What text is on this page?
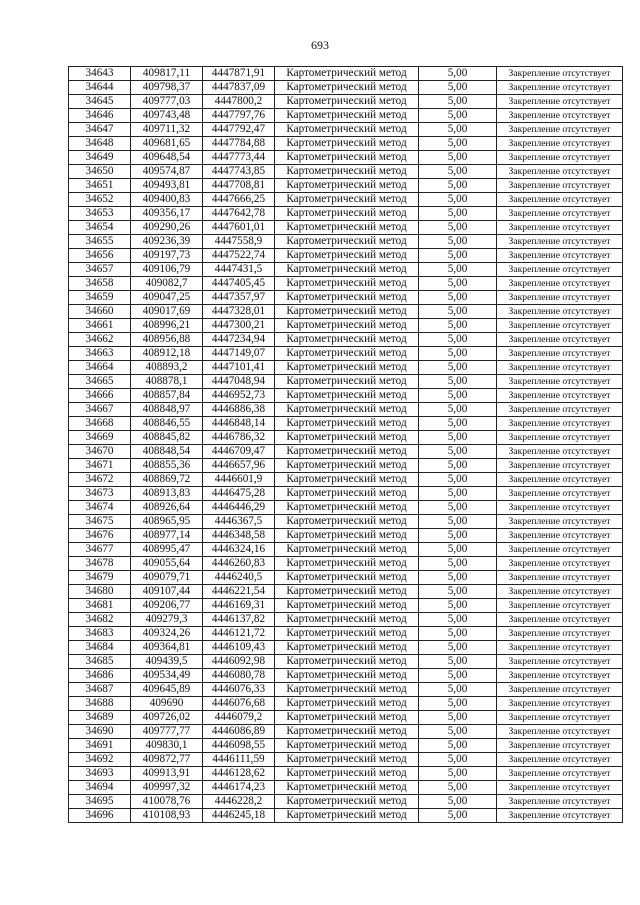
693
34643	409817,11	4447871,91	Картометрический метод	5,00	Закрепление отсутствует
34644	409798,37	4447837,09	Картометрический метод	5,00	Закрепление отсутствует
34645	409777,03	4447800,2	Картометрический метод	5,00	Закрепление отсутствует
34646	409743,48	4447797,76	Картометрический метод	5,00	Закрепление отсутствует
34647	409711,32	4447792,47	Картометрический метод	5,00	Закрепление отсутствует
34648	409681,65	4447784,88	Картометрический метод	5,00	Закрепление отсутствует
34649	409648,54	4447773,44	Картометрический метод	5,00	Закрепление отсутствует
34650	409574,87	4447743,85	Картометрический метод	5,00	Закрепление отсутствует
34651	409493,81	4447708,81	Картометрический метод	5,00	Закрепление отсутствует
34652	409400,83	4447666,25	Картометрический метод	5,00	Закрепление отсутствует
34653	409356,17	4447642,78	Картометрический метод	5,00	Закрепление отсутствует
34654	409290,26	4447601,01	Картометрический метод	5,00	Закрепление отсутствует
34655	409236,39	4447558,9	Картометрический метод	5,00	Закрепление отсутствует
34656	409197,73	4447522,74	Картометрический метод	5,00	Закрепление отсутствует
34657	409106,79	4447431,5	Картометрический метод	5,00	Закрепление отсутствует
34658	409082,7	4447405,45	Картометрический метод	5,00	Закрепление отсутствует
34659	409047,25	4447357,97	Картометрический метод	5,00	Закрепление отсутствует
34660	409017,69	4447328,01	Картометрический метод	5,00	Закрепление отсутствует
34661	408996,21	4447300,21	Картометрический метод	5,00	Закрепление отсутствует
34662	408956,88	4447234,94	Картометрический метод	5,00	Закрепление отсутствует
34663	408912,18	4447149,07	Картометрический метод	5,00	Закрепление отсутствует
34664	408893,2	4447101,41	Картометрический метод	5,00	Закрепление отсутствует
34665	408878,1	4447048,94	Картометрический метод	5,00	Закрепление отсутствует
34666	408857,84	4446952,73	Картометрический метод	5,00	Закрепление отсутствует
34667	408848,97	4446886,38	Картометрический метод	5,00	Закрепление отсутствует
34668	408846,55	4446848,14	Картометрический метод	5,00	Закрепление отсутствует
34669	408845,82	4446786,32	Картометрический метод	5,00	Закрепление отсутствует
34670	408848,54	4446709,47	Картометрический метод	5,00	Закрепление отсутствует
34671	408855,36	4446657,96	Картометрический метод	5,00	Закрепление отсутствует
34672	408869,72	4446601,9	Картометрический метод	5,00	Закрепление отсутствует
34673	408913,83	4446475,28	Картометрический метод	5,00	Закрепление отсутствует
34674	408926,64	4446446,29	Картометрический метод	5,00	Закрепление отсутствует
34675	408965,95	4446367,5	Картометрический метод	5,00	Закрепление отсутствует
34676	408977,14	4446348,58	Картометрический метод	5,00	Закрепление отсутствует
34677	408995,47	4446324,16	Картометрический метод	5,00	Закрепление отсутствует
34678	409055,64	4446260,83	Картометрический метод	5,00	Закрепление отсутствует
34679	409079,71	4446240,5	Картометрический метод	5,00	Закрепление отсутствует
34680	409107,44	4446221,54	Картометрический метод	5,00	Закрепление отсутствует
34681	409206,77	4446169,31	Картометрический метод	5,00	Закрепление отсутствует
34682	409279,3	4446137,82	Картометрический метод	5,00	Закрепление отсутствует
34683	409324,26	4446121,72	Картометрический метод	5,00	Закрепление отсутствует
34684	409364,81	4446109,43	Картометрический метод	5,00	Закрепление отсутствует
34685	409439,5	4446092,98	Картометрический метод	5,00	Закрепление отсутствует
34686	409534,49	4446080,78	Картометрический метод	5,00	Закрепление отсутствует
34687	409645,89	4446076,33	Картометрический метод	5,00	Закрепление отсутствует
34688	409690	4446076,68	Картометрический метод	5,00	Закрепление отсутствует
34689	409726,02	4446079,2	Картометрический метод	5,00	Закрепление отсутствует
34690	409777,77	4446086,89	Картометрический метод	5,00	Закрепление отсутствует
34691	409830,1	4446098,55	Картометрический метод	5,00	Закрепление отсутствует
34692	409872,77	4446111,59	Картометрический метод	5,00	Закрепление отсутствует
34693	409913,91	4446128,62	Картометрический метод	5,00	Закрепление отсутствует
34694	409997,32	4446174,23	Картометрический метод	5,00	Закрепление отсутствует
34695	410078,76	4446228,2	Картометрический метод	5,00	Закрепление отсутствует
34696	410108,93	4446245,18	Картометрический метод	5,00	Закрепление отсутствует
